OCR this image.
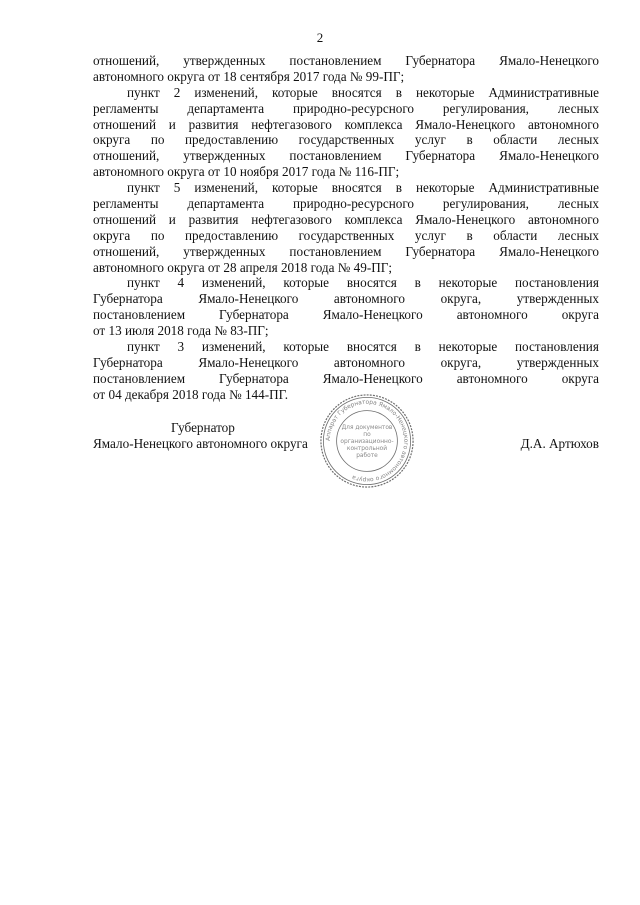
2
отношений, утвержденных постановлением Губернатора Ямало-Ненецкого
автономного округа от 18 сентября 2017 года № 99-ПГ;
пункт 2 изменений, которые вносятся в некоторые Административные
регламенты департамента природно-ресурсного регулирования, лесных
отношений и развития нефтегазового комплекса Ямало-Ненецкого автономного
округа по предоставлению государственных услуг в области лесных
отношений, утвержденных постановлением Губернатора Ямало-Ненецкого
автономного округа от 10 ноября 2017 года № 116-ПГ;
пункт 5 изменений, которые вносятся в некоторые Административные
регламенты департамента природно-ресурсного регулирования, лесных
отношений и развития нефтегазового комплекса Ямало-Ненецкого автономного
округа по предоставлению государственных услуг в области лесных
отношений, утвержденных постановлением Губернатора Ямало-Ненецкого
автономного округа от 28 апреля 2018 года № 49-ПГ;
пункт 4 изменений, которые вносятся в некоторые постановления
Губернатора	Ямало-Ненецкого	автономного	округа,	утвержденных
постановлением	Губернатора	Ямало-Ненецкого	автономного	округа
от 13 июля 2018 года № 83-ПГ;
пункт 3 изменений, которые вносятся в некоторые постановления
Губернатора	Ямало-Ненецкого	автономного	округа,	утвержденных
постановлением	Губернатора	Ямало-Ненецкого	автономного	округа
от 04 декабря 2018 года № 144-ПГ.
Губернатор
Ямало-Ненецкого автономного округа	Д.А. Артюхов
Аппарат Губернатора Ямало-Ненецкого автономного округа
Для документов
по
организационно-
контрольной
работе
